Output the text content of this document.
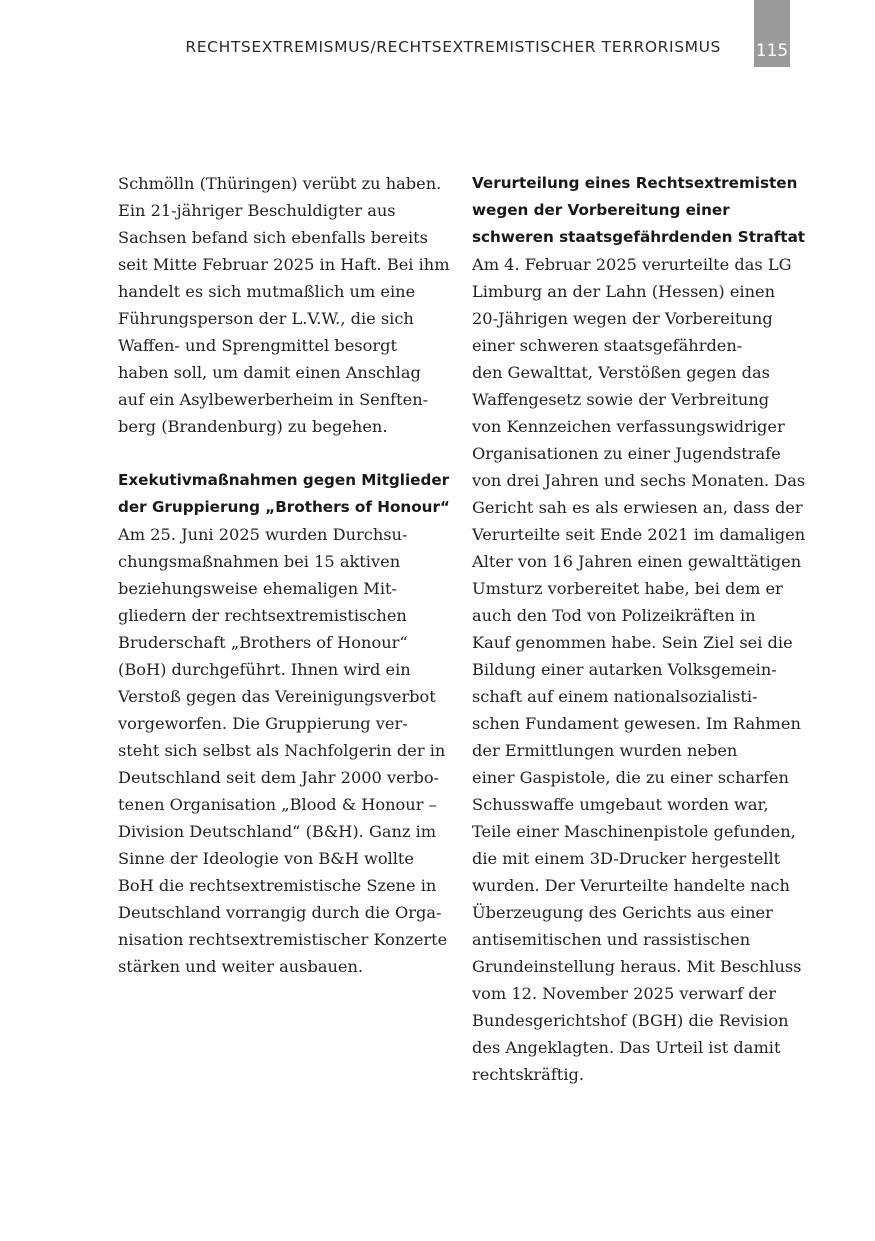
RECHTSEXTREMISMUS/RECHTSEXTREMISTISCHER TERRORISMUS 115
Schmölln (Thüringen) verübt zu haben.
Ein 21-jähriger Beschuldigter aus
Sachsen befand sich ebenfalls bereits
seit Mitte Februar 2025 in Haft. Bei ihm
handelt es sich mutmaßlich um eine
Führungsperson der L.V.W., die sich
Waffen- und Sprengmittel besorgt
haben soll, um damit einen Anschlag
auf ein Asylbewerberheim in Senften-
berg (Brandenburg) zu begehen.
Exekutivmaßnahmen gegen Mitglieder
der Gruppierung „Brothers of Honour“
Am 25. Juni 2025 wurden Durchsu-
chungsmaßnahmen bei 15 aktiven
beziehungsweise ehemaligen Mit-
gliedern der rechtsextremistischen
Bruderschaft „Brothers of Honour“
(BoH) durchgeführt. Ihnen wird ein
Verstoß gegen das Vereinigungsverbot
vorgeworfen. Die Gruppierung ver-
steht sich selbst als Nachfolgerin der in
Deutschland seit dem Jahr 2000 verbo-
tenen Organisation „Blood & Honour –
Division Deutschland“ (B&H). Ganz im
Sinne der Ideologie von B&H wollte
BoH die rechtsextremistische Szene in
Deutschland vorrangig durch die Orga-
nisation rechtsextremistischer Konzerte
stärken und weiter ausbauen.
Verurteilung eines Rechtsextremisten
wegen der Vorbereitung einer
schweren staatsgefährdenden Straftat
Am 4. Februar 2025 verurteilte das LG
Limburg an der Lahn (Hessen) einen
20-Jährigen wegen der Vorbereitung
einer schweren staatsgefährden-
den Gewalttat, Verstößen gegen das
Waffengesetz sowie der Verbreitung
von Kennzeichen verfassungswidriger
Organisationen zu einer Jugendstrafe
von drei Jahren und sechs Monaten. Das
Gericht sah es als erwiesen an, dass der
Verurteilte seit Ende 2021 im damaligen
Alter von 16 Jahren einen gewalttätigen
Umsturz vorbereitet habe, bei dem er
auch den Tod von Polizeikräften in
Kauf genommen habe. Sein Ziel sei die
Bildung einer autarken Volksgemein-
schaft auf einem nationalsozialisti-
schen Fundament gewesen. Im Rahmen
der Ermittlungen wurden neben
einer Gaspistole, die zu einer scharfen
Schusswaffe umgebaut worden war,
Teile einer Maschinenpistole gefunden,
die mit einem 3D-Drucker hergestellt
wurden. Der Verurteilte handelte nach
Überzeugung des Gerichts aus einer
antisemitischen und rassistischen
Grundeinstellung heraus. Mit Beschluss
vom 12. November 2025 verwarf der
Bundesgerichtshof (BGH) die Revision
des Angeklagten. Das Urteil ist damit
rechtskräftig.
